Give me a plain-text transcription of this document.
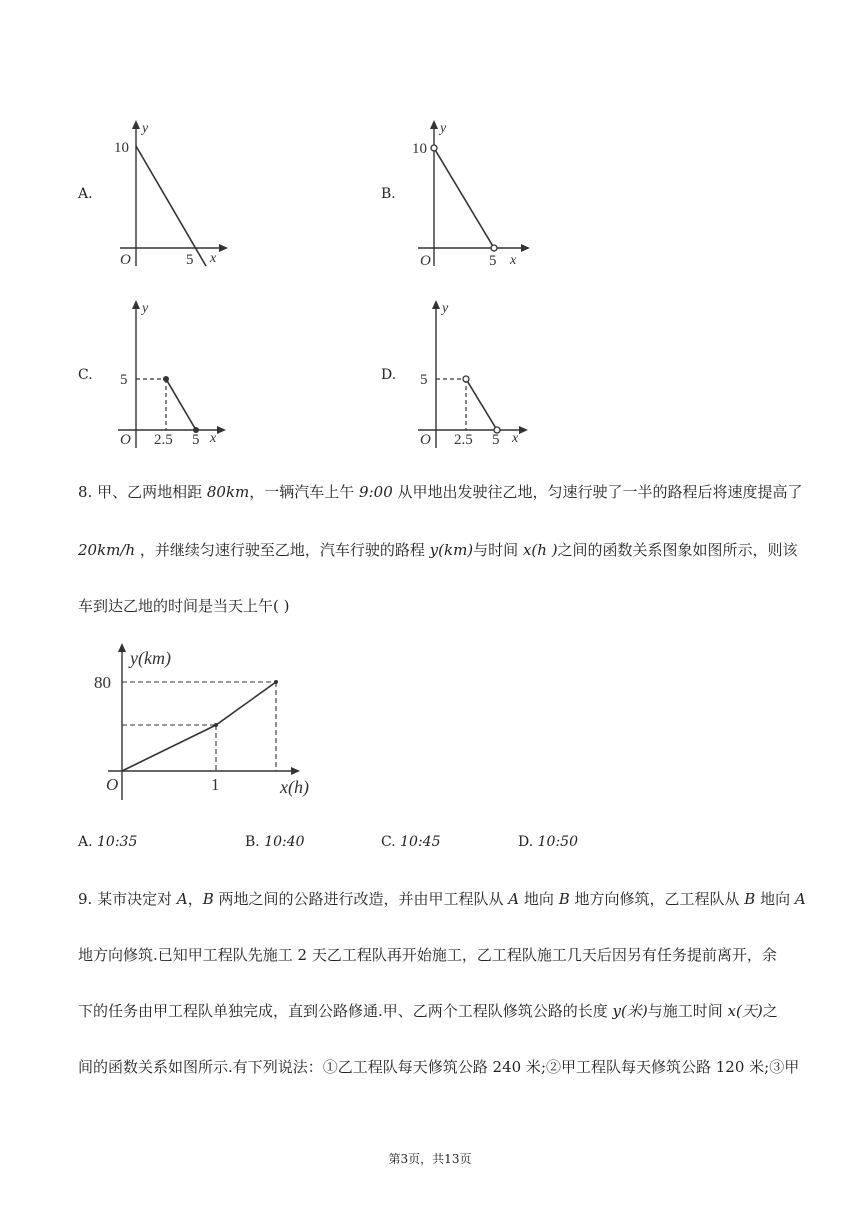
A.
y
10
O	5 x
B.
y
10
O	5 x
C.
y
5
O 2.5 5 x
D.
y
5
O 2.5 5 x
8. 甲、乙两地相距 80km，一辆汽车上午 9:00 从甲地出发驶往乙地，匀速行驶了一半的路程后将速度提高了
20km/h ，并继续匀速行驶至乙地，汽车行驶的路程 y(km)与时间 x(h )之间的函数关系图象如图所示，则该
车到达乙地的时间是当天上午( )
y(km)
80
O	1	x(h)
A. 10:35	B. 10:40	C. 10:45	D. 10:50
9. 某市决定对 A，B 两地之间的公路进行改造，并由甲工程队从 A 地向 B 地方向修筑，乙工程队从 B 地向 A
地方向修筑.已知甲工程队先施工 2 天乙工程队再开始施工，乙工程队施工几天后因另有任务提前离开，余
下的任务由甲工程队单独完成，直到公路修通.甲、乙两个工程队修筑公路的长度 y(米)与施工时间 x(天)之
间的函数关系如图所示.有下列说法：①乙工程队每天修筑公路 240 米;②甲工程队每天修筑公路 120 米;③甲
第3页，共13页
